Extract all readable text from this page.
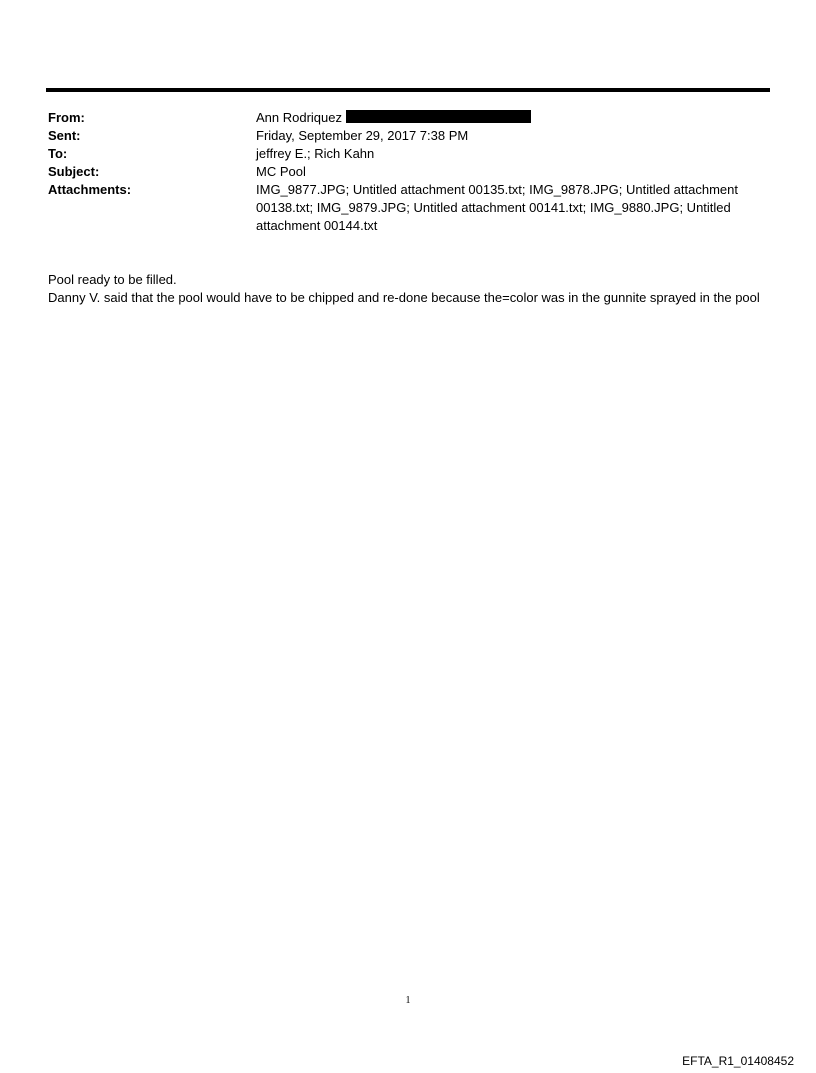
From:	Ann Rodriquez
Sent:	Friday, September 29, 2017 7:38 PM
To:	jeffrey E.; Rich Kahn
Subject:	MC Pool
Attachments:	IMG_9877.JPG; Untitled attachment 00135.txt; IMG_9878.JPG; Untitled attachment 00138.txt; IMG_9879.JPG; Untitled attachment 00141.txt; IMG_9880.JPG; Untitled attachment 00144.txt

Pool ready to be filled.

Danny V. said that the pool would have to be chipped and re-done because the=color was in the gunnite sprayed in the pool

1
EFTA_R1_01408452
